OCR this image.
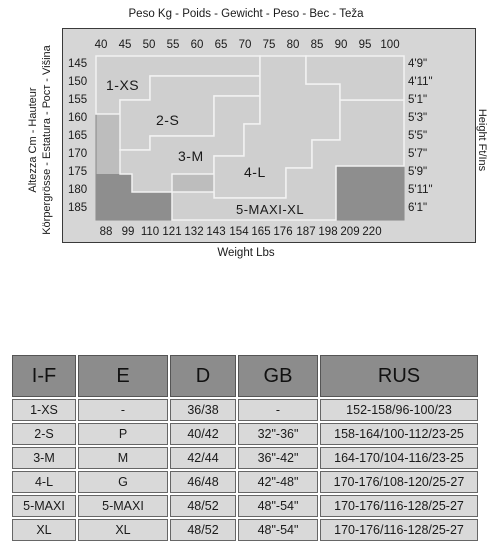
Peso Kg - Poids - Gewicht - Peso - Bec - Teža
40 45 50 55 60 65 70 75 80 85 90 95 100
88 99 110 121 132 143 154 165 176 187 198 209 220
145
150
155
160
165
170
175
180
185
4'9"
4'11"
5'1"
5'3"
5'5"
5'7"
5'9"
5'11"
6'1"
1-XS
2-S
3-M
4-L
5-MAXI-XL
Altezza Cm - Hauteur Körpergrösse - Estatura - Рост - Višina	Height Ft/Ins
Weight Lbs
I-F	E	D	GB	RUS
1-XS	-	36/38	-	152-158/96-100/23
2-S	P	40/42	32"-36"	158-164/100-112/23-25
3-M	M	42/44	36"-42"	164-170/104-116/23-25
4-L	G	46/48	42"-48"	170-176/108-120/25-27
5-MAXI	5-MAXI	48/52	48"-54"	170-176/116-128/25-27
XL	XL	48/52	48"-54"	170-176/116-128/25-27
